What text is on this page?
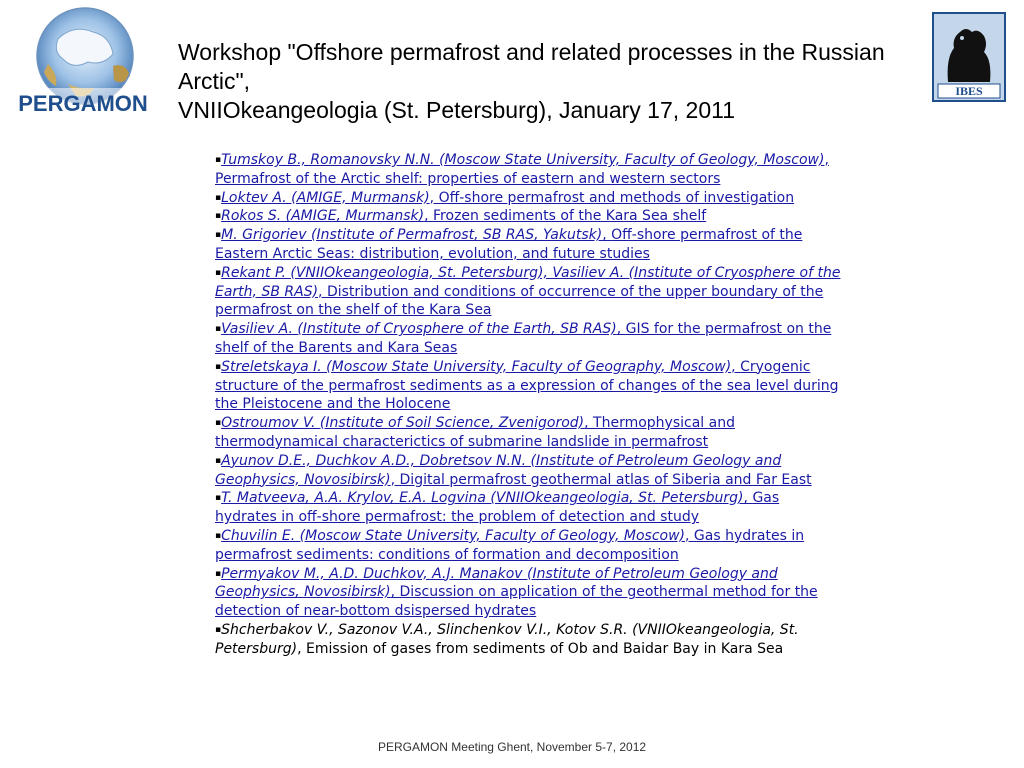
PERGAMON
Workshop "Offshore permafrost and related processes in the Russian Arctic",
VNIIOkeangeologia (St. Petersburg), January 17, 2011
IBES
▪Tumskoy B., Romanovsky N.N. (Moscow State University, Faculty of Geology, Moscow), Permafrost of the Arctic shelf: properties of eastern and western sectors
▪Loktev A. (AMIGE, Murmansk), Off-shore permafrost and methods of investigation
▪Rokos S. (AMIGE, Murmansk), Frozen sediments of the Kara Sea shelf
▪M. Grigoriev (Institute of Permafrost, SB RAS, Yakutsk), Off-shore permafrost of the Eastern Arctic Seas: distribution, evolution, and future studies
▪Rekant P. (VNIIOkeangeologia, St. Petersburg), Vasiliev A. (Institute of Cryosphere of the Earth, SB RAS), Distribution and conditions of occurrence of the upper boundary of the permafrost on the shelf of the Kara Sea
▪Vasiliev A. (Institute of Cryosphere of the Earth, SB RAS), GIS for the permafrost on the shelf of the Barents and Kara Seas
▪Streletskaya I. (Moscow State University, Faculty of Geography, Moscow), Cryogenic structure of the permafrost sediments as a expression of changes of the sea level during the Pleistocene and the Holocene
▪Ostroumov V. (Institute of Soil Science, Zvenigorod), Thermophysical and thermodynamical characterictics of submarine landslide in permafrost
▪Ayunov D.E., Duchkov A.D., Dobretsov N.N. (Institute of Petroleum Geology and Geophysics, Novosibirsk), Digital permafrost geothermal atlas of Siberia and Far East
▪T. Matveeva, A.A. Krylov, E.A. Logvina (VNIIOkeangeologia, St. Petersburg), Gas hydrates in off-shore permafrost: the problem of detection and study
▪Chuvilin E. (Moscow State University, Faculty of Geology, Moscow), Gas hydrates in permafrost sediments: conditions of formation and decomposition
▪Permyakov M., A.D. Duchkov, A.J. Manakov (Institute of Petroleum Geology and Geophysics, Novosibirsk), Discussion on application of the geothermal method for the detection of near-bottom dsispersed hydrates
▪Shcherbakov V., Sazonov V.A., Slinchenkov V.I., Kotov S.R. (VNIIOkeangeologia, St. Petersburg), Emission of gases from sediments of Ob and Baidar Bay in Kara Sea
PERGAMON Meeting Ghent, November 5-7, 2012
